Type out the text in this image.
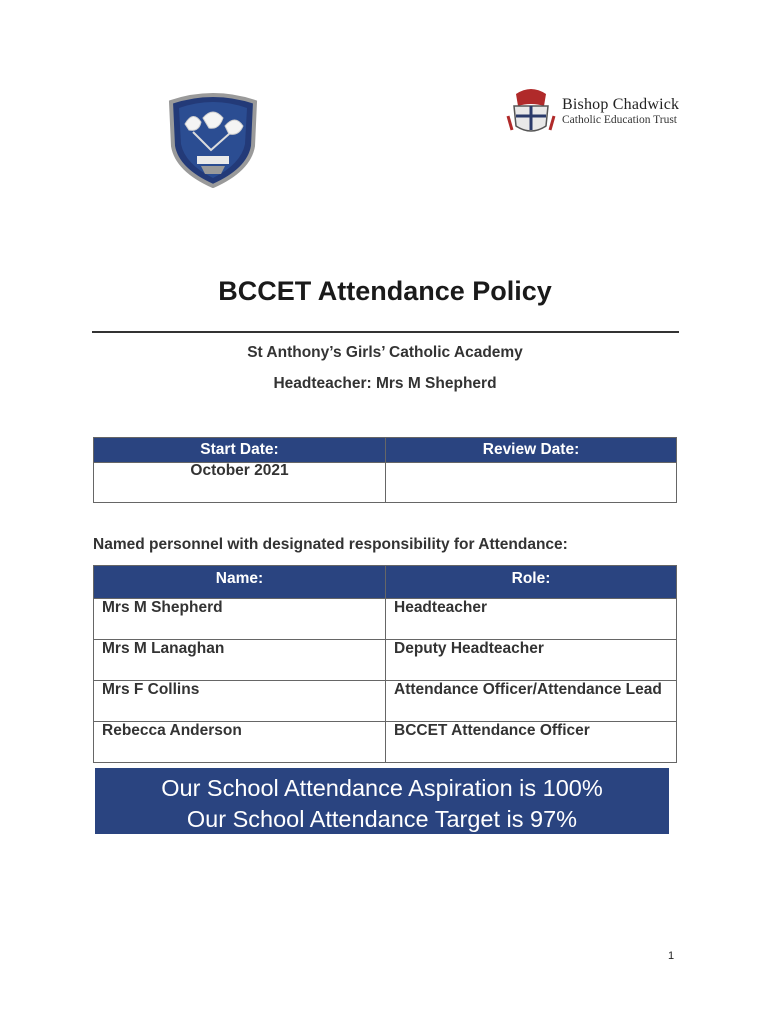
Bishop Chadwick
Catholic Education Trust
BCCET Attendance Policy
St Anthony’s Girls’ Catholic Academy
Headteacher: Mrs M Shepherd
Start Date:	Review Date:
October 2021	
Named personnel with designated responsibility for Attendance:
Name:	Role:
Mrs M Shepherd	Headteacher
Mrs M Lanaghan	Deputy Headteacher
Mrs F Collins	Attendance Officer/Attendance Lead
Rebecca Anderson	BCCET Attendance Officer
Our School Attendance Aspiration is 100%
Our School Attendance Target is 97%
1
